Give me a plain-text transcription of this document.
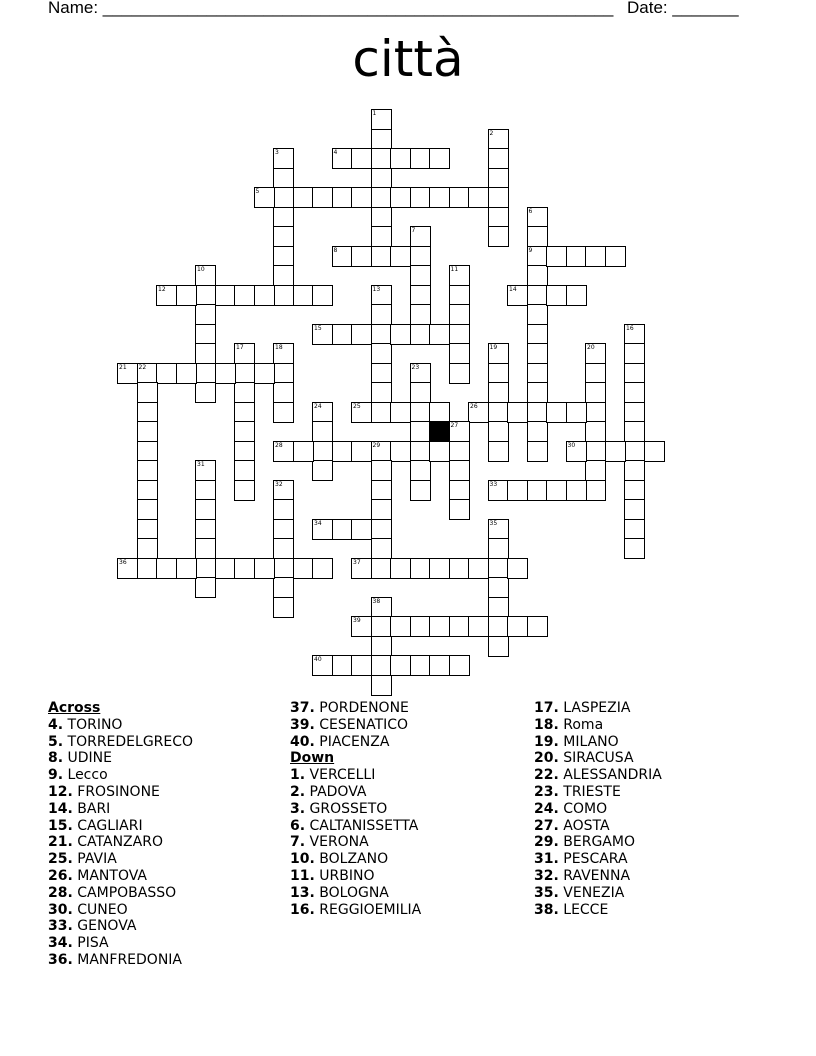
Name: ______________________________________________________ Date: _______
città
1
2
3	4
5
6
9
7
8
10	11
12	13	14
15	16
17	18	19	20
21 22	23
24	25	26
27
28	29	30
31
32	33
34	35
36	37
38
39
40
Across
4. TORINO
5. TORREDELGRECO
8. UDINE
9. Lecco
12. FROSINONE
14. BARI
15. CAGLIARI
21. CATANZARO
25. PAVIA
26. MANTOVA
28. CAMPOBASSO
30. CUNEO
33. GENOVA
34. PISA
36. MANFREDONIA
37. PORDENONE
39. CESENATICO
40. PIACENZA
Down
1. VERCELLI
2. PADOVA
3. GROSSETO
6. CALTANISSETTA
7. VERONA
10. BOLZANO
11. URBINO
13. BOLOGNA
16. REGGIOEMILIA
17. LASPEZIA
18. Roma
19. MILANO
20. SIRACUSA
22. ALESSANDRIA
23. TRIESTE
24. COMO
27. AOSTA
29. BERGAMO
31. PESCARA
32. RAVENNA
35. VENEZIA
38. LECCE
